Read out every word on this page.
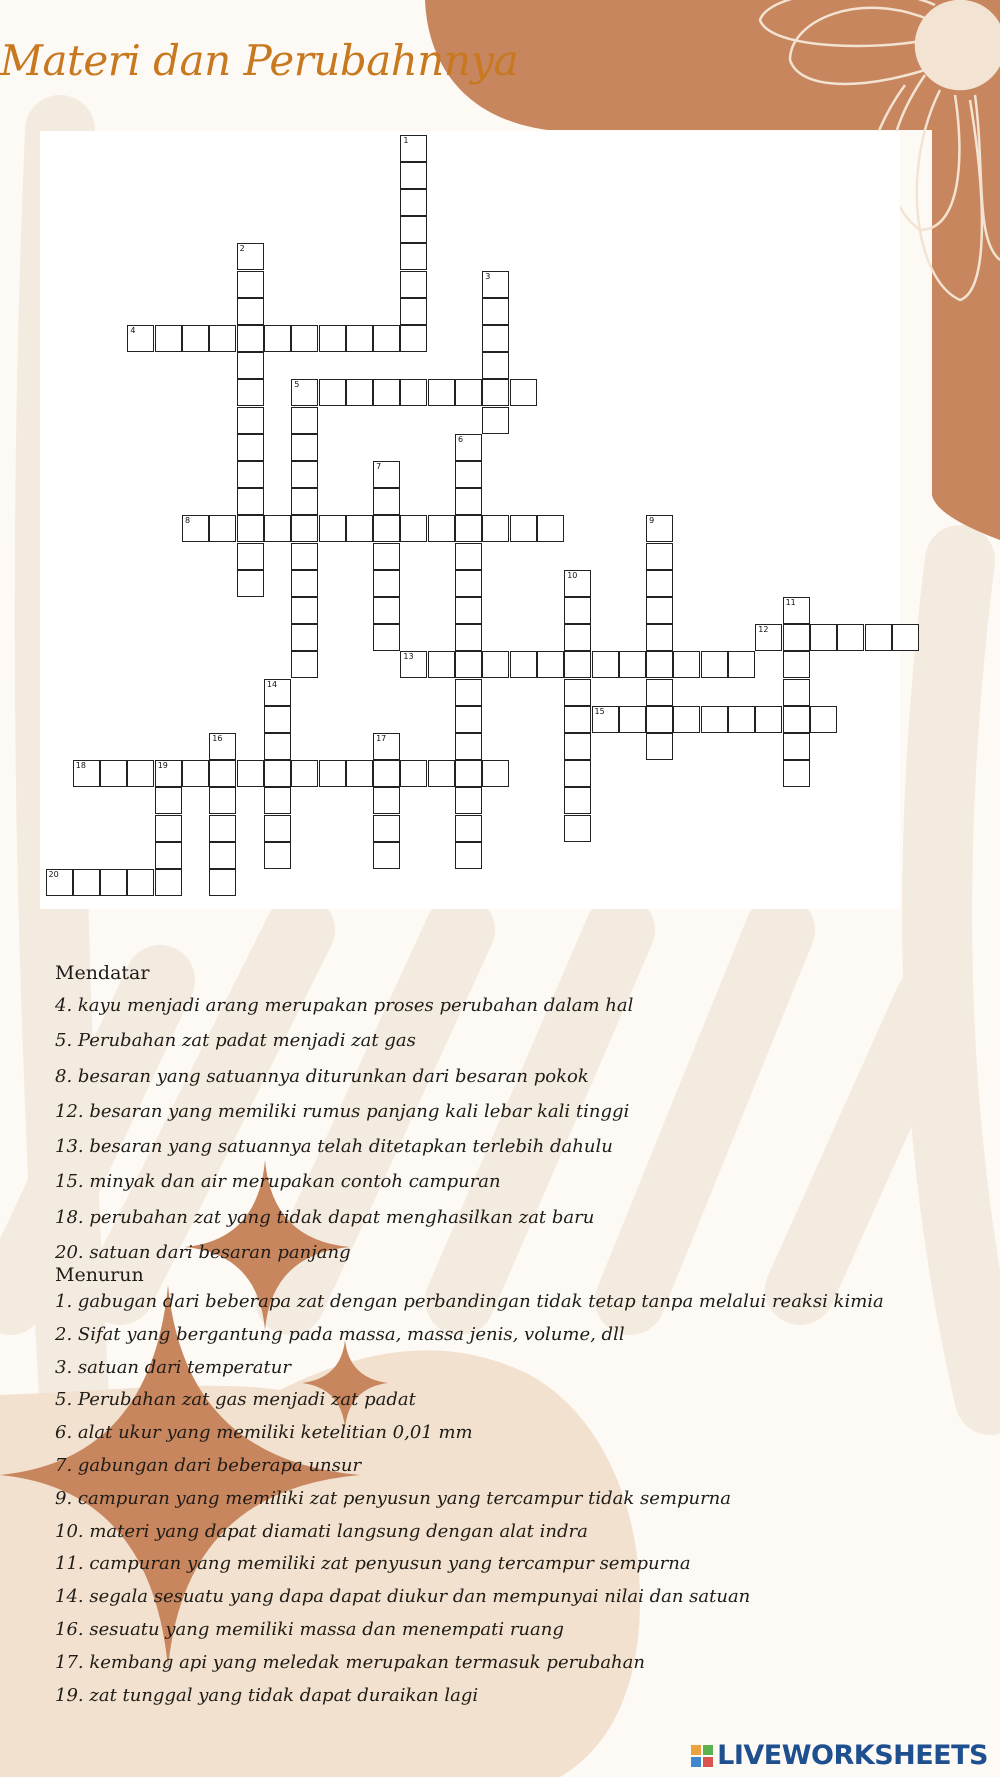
Materi dan Perubahnnya
1
2
3
4
5
6
7
8	9
10
11
12
13
14
15
16	17
18	19
20
Mendatar
4. kayu menjadi arang merupakan proses perubahan dalam hal
5. Perubahan zat padat menjadi zat gas
8. besaran yang satuannya diturunkan dari besaran pokok
12. besaran yang memiliki rumus panjang kali lebar kali tinggi
13. besaran yang satuannya telah ditetapkan terlebih dahulu
15. minyak dan air merupakan contoh campuran
18. perubahan zat yang tidak dapat menghasilkan zat baru
20. satuan dari besaran panjang
Menurun
1. gabugan dari beberapa zat dengan perbandingan tidak tetap tanpa melalui reaksi kimia
2. Sifat yang bergantung pada massa, massa jenis, volume, dll
3. satuan dari temperatur
5. Perubahan zat gas menjadi zat padat
6. alat ukur yang memiliki ketelitian 0,01 mm
7. gabungan dari beberapa unsur
9. campuran yang memiliki zat penyusun yang tercampur tidak sempurna
10. materi yang dapat diamati langsung dengan alat indra
11. campuran yang memiliki zat penyusun yang tercampur sempurna
14. segala sesuatu yang dapa dapat diukur dan mempunyai nilai dan satuan
16. sesuatu yang memiliki massa dan menempati ruang
17. kembang api yang meledak merupakan termasuk perubahan
19. zat tunggal yang tidak dapat duraikan lagi
LIVEWORKSHEETS
